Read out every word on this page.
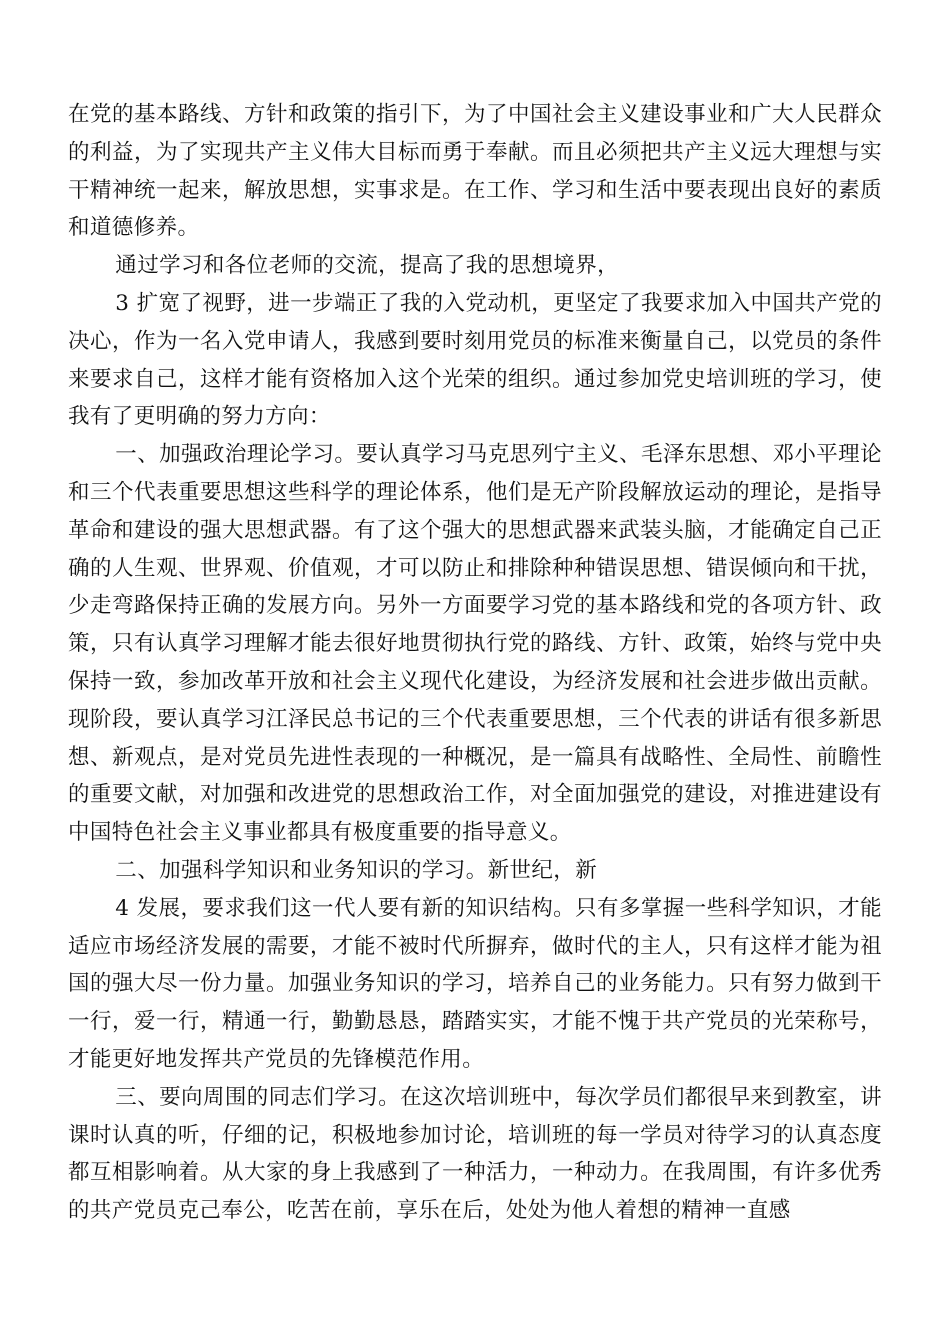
在党的基本路线、方针和政策的指引下，为了中国社会主义建设事业和广大人民群众的利益，为了实现共产主义伟大目标而勇于奉献。而且必须把共产主义远大理想与实干精神统一起来，解放思想，实事求是。在工作、学习和生活中要表现出良好的素质和道德修养。

通过学习和各位老师的交流，提高了我的思想境界，

3 扩宽了视野，进一步端正了我的入党动机，更坚定了我要求加入中国共产党的决心，作为一名入党申请人，我感到要时刻用党员的标准来衡量自己，以党员的条件来要求自己，这样才能有资格加入这个光荣的组织。通过参加党史培训班的学习，使我有了更明确的努力方向：

一、加强政治理论学习。要认真学习马克思列宁主义、毛泽东思想、邓小平理论和三个代表重要思想这些科学的理论体系，他们是无产阶段解放运动的理论，是指导革命和建设的强大思想武器。有了这个强大的思想武器来武装头脑，才能确定自己正确的人生观、世界观、价值观，才可以防止和排除种种错误思想、错误倾向和干扰，少走弯路保持正确的发展方向。另外一方面要学习党的基本路线和党的各项方针、政策，只有认真学习理解才能去很好地贯彻执行党的路线、方针、政策，始终与党中央保持一致，参加改革开放和社会主义现代化建设，为经济发展和社会进步做出贡献。现阶段，要认真学习江泽民总书记的三个代表重要思想，三个代表的讲话有很多新思想、新观点，是对党员先进性表现的一种概况，是一篇具有战略性、全局性、前瞻性的重要文献，对加强和改进党的思想政治工作，对全面加强党的建设，对推进建设有中国特色社会主义事业都具有极度重要的指导意义。

二、加强科学知识和业务知识的学习。新世纪，新

4 发展，要求我们这一代人要有新的知识结构。只有多掌握一些科学知识，才能适应市场经济发展的需要，才能不被时代所摒弃，做时代的主人，只有这样才能为祖国的强大尽一份力量。加强业务知识的学习，培养自己的业务能力。只有努力做到干一行，爱一行，精通一行，勤勤恳恳，踏踏实实，才能不愧于共产党员的光荣称号，才能更好地发挥共产党员的先锋模范作用。

三、要向周围的同志们学习。在这次培训班中，每次学员们都很早来到教室，讲课时认真的听，仔细的记，积极地参加讨论，培训班的每一学员对待学习的认真态度都互相影响着。从大家的身上我感到了一种活力，一种动力。在我周围，有许多优秀的共产党员克己奉公，吃苦在前，享乐在后，处处为他人着想的精神一直感
